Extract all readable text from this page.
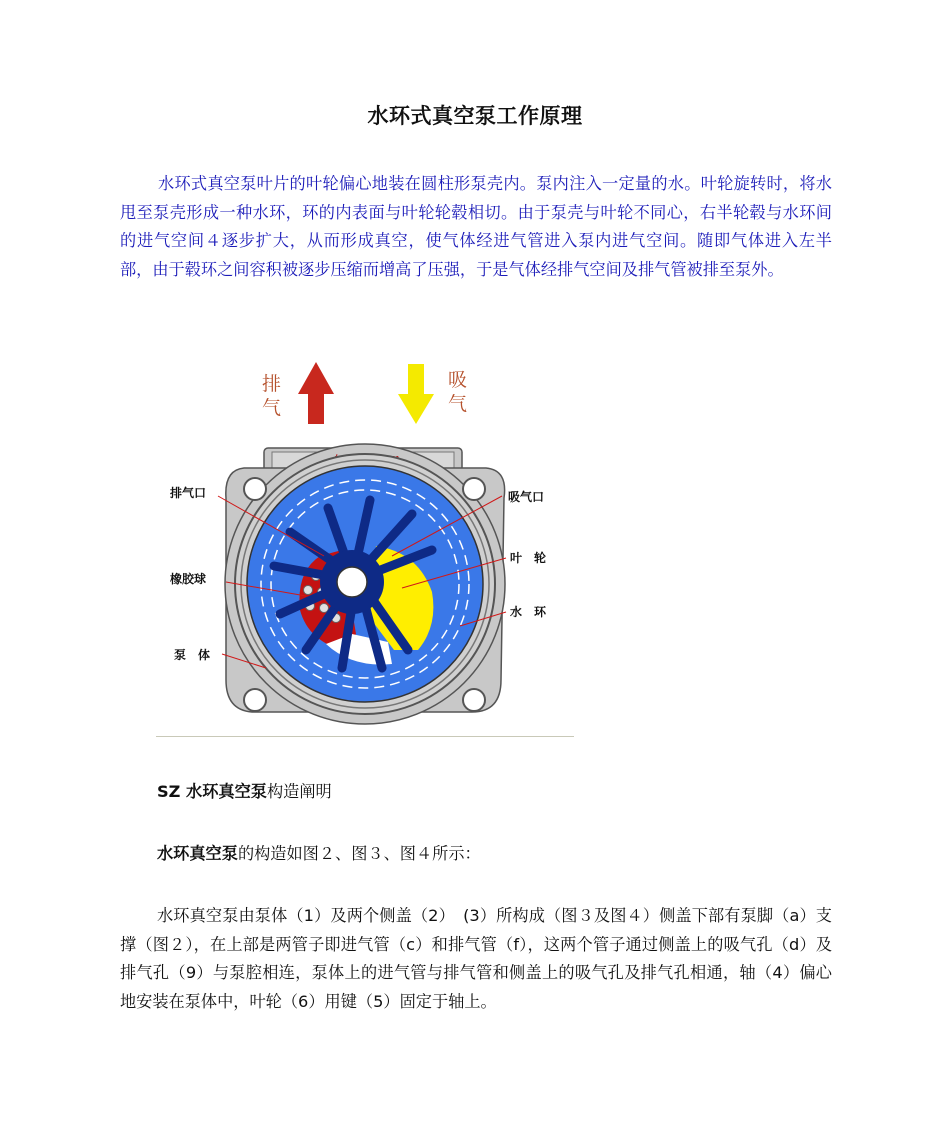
水环式真空泵工作原理

水环式真空泵叶片的叶轮偏心地装在圆柱形泵壳内。泵内注入一定量的水。叶轮旋转时，将水甩至泵壳形成一种水环，环的内表面与叶轮轮毂相切。由于泵壳与叶轮不同心，右半轮毂与水环间的进气空间４逐步扩大，从而形成真空，使气体经进气管进入泵内进气空间。随即气体进入左半部，由于毂环之间容积被逐步压缩而增高了压强，于是气体经排气空间及排气管被排至泵外。

排
气
吸
气
排气口
橡胶球
泵　体
吸气口
叶　轮
水　环

SZ 水环真空泵构造阐明

水环真空泵的构造如图２、图３、图４所示：

水环真空泵由泵体（1）及两个侧盖（2）　(3）所构成（图３及图４）侧盖下部有泵脚（a）支撑（图２），在上部是两管子即进气管（c）和排气管（f），这两个管子通过侧盖上的吸气孔（d）及排气孔（9）与泵腔相连，泵体上的进气管与排气管和侧盖上的吸气孔及排气孔相通，轴（4）偏心地安装在泵体中，叶轮（6）用键（5）固定于轴上。
